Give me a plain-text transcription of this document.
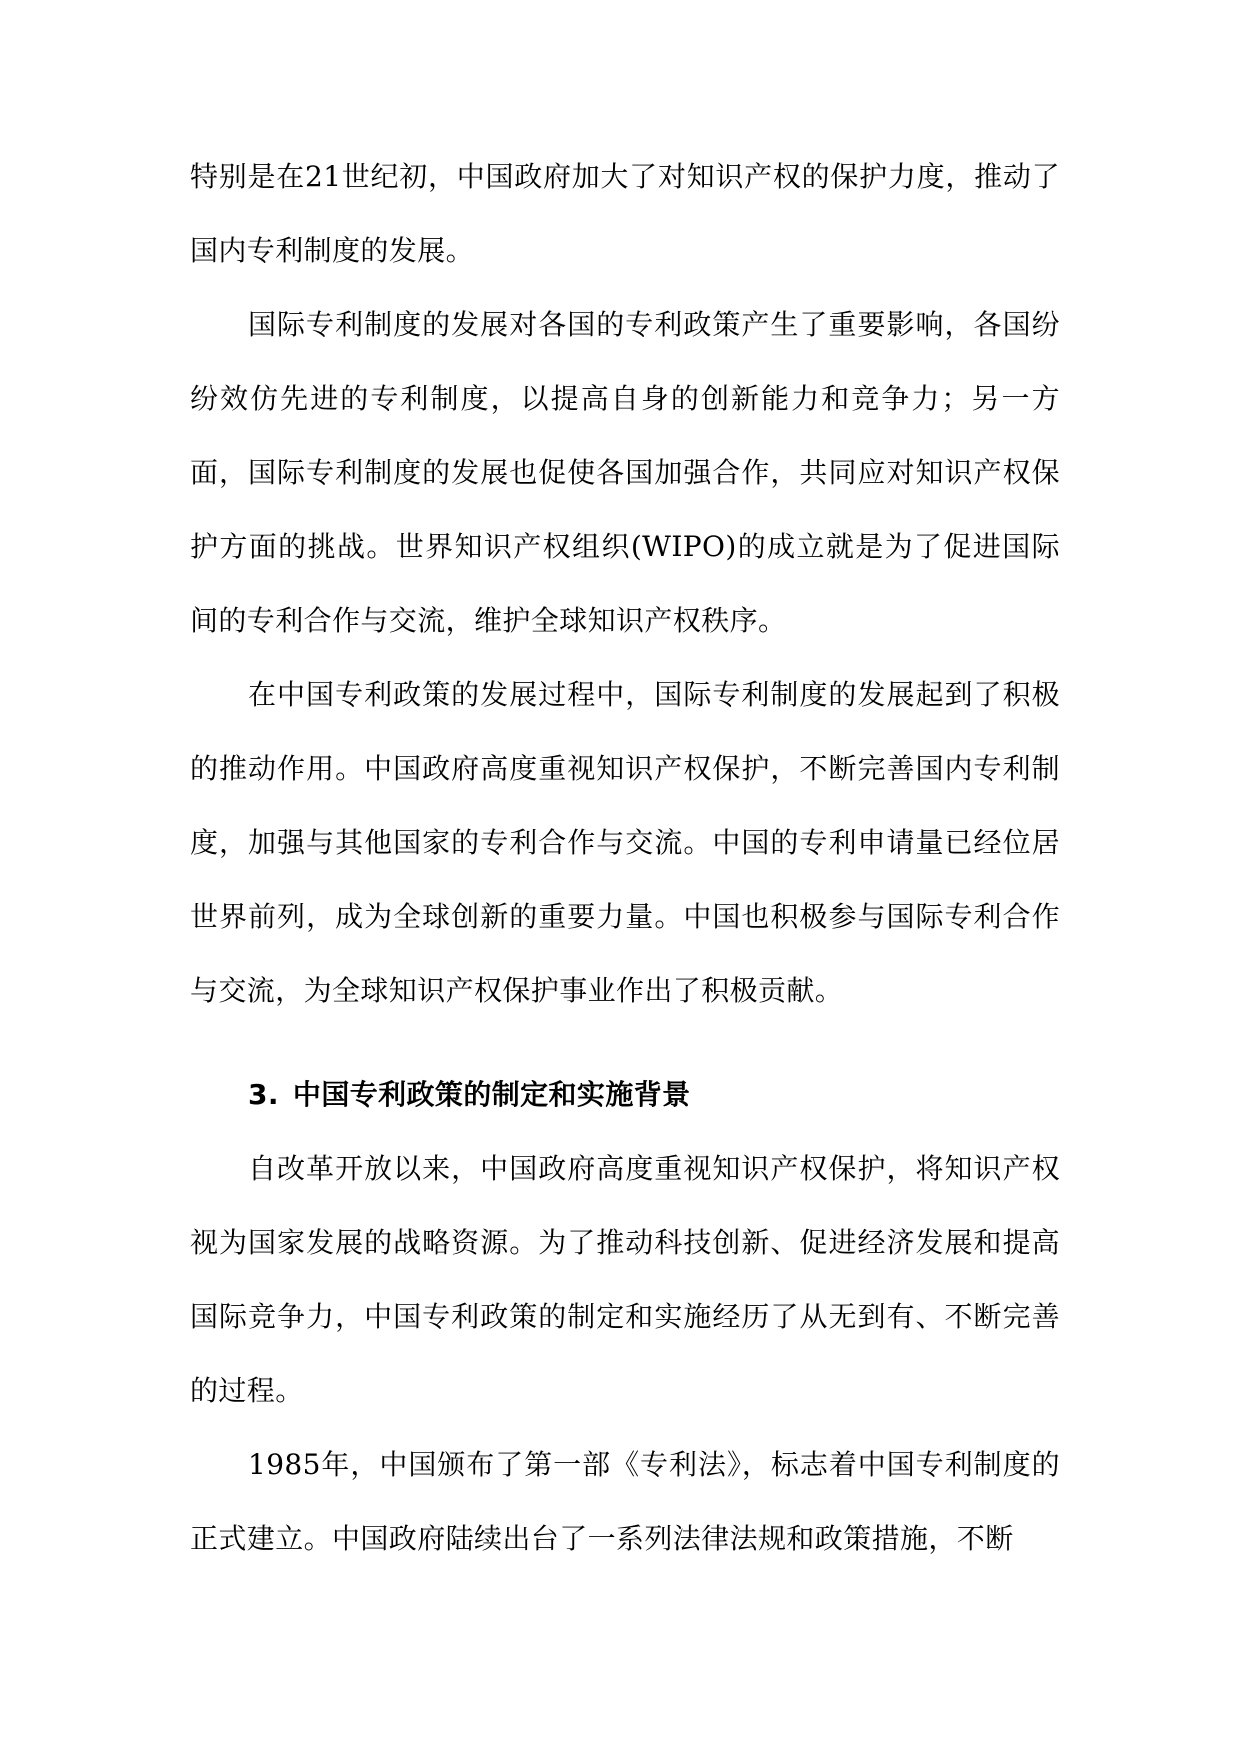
特别是在21世纪初，中国政府加大了对知识产权的保护力度，推动了国内专利制度的发展。

国际专利制度的发展对各国的专利政策产生了重要影响，各国纷纷效仿先进的专利制度，以提高自身的创新能力和竞争力；另一方面，国际专利制度的发展也促使各国加强合作，共同应对知识产权保护方面的挑战。世界知识产权组织(WIPO)的成立就是为了促进国际间的专利合作与交流，维护全球知识产权秩序。

在中国专利政策的发展过程中，国际专利制度的发展起到了积极的推动作用。中国政府高度重视知识产权保护，不断完善国内专利制度，加强与其他国家的专利合作与交流。中国的专利申请量已经位居世界前列，成为全球创新的重要力量。中国也积极参与国际专利合作与交流，为全球知识产权保护事业作出了积极贡献。

3. 中国专利政策的制定和实施背景

自改革开放以来，中国政府高度重视知识产权保护，将知识产权视为国家发展的战略资源。为了推动科技创新、促进经济发展和提高国际竞争力，中国专利政策的制定和实施经历了从无到有、不断完善的过程。

1985年，中国颁布了第一部《专利法》，标志着中国专利制度的正式建立。中国政府陆续出台了一系列法律法规和政策措施，不断
